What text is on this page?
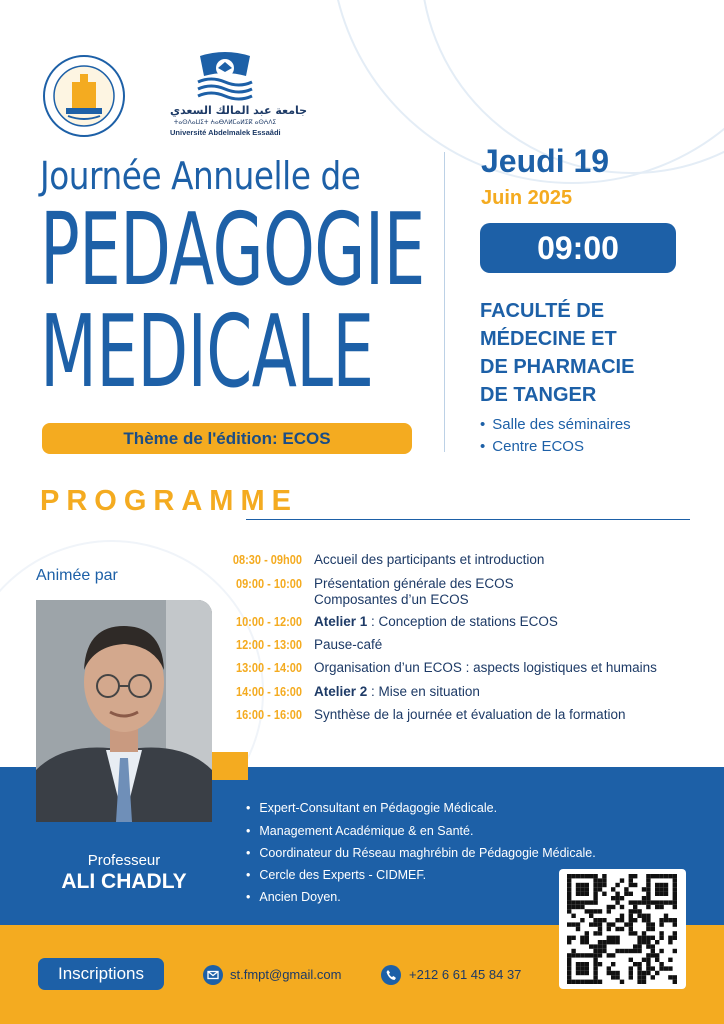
جامعة عبد المالك السعدي
ⵜⴰⵙⴷⴰⵡⵉⵜ ⵄⴰⴱⴷⵍⵎⴰⵍⵉⴽ ⴰⵙⵄⴷⵉ
Université Abdelmalek Essaâdi
Journée Annuelle de
PEDAGOGIE
MEDICALE
Thème de l'édition: ECOS
Jeudi 19
Juin 2025
09:00
FACULTÉ DE
MÉDECINE ET
DE PHARMACIE
DE TANGER
• Salle des séminaires
• Centre ECOS
PROGRAMME
Animée par
08:30 - 09h00 Accueil des participants et introduction
09:00 - 10:00 Présentation générale des ECOS
Composantes d’un ECOS
10:00 - 12:00 Atelier 1 : Conception de stations ECOS
12:00 - 13:00 Pause-café
13:00 - 14:00 Organisation d’un ECOS : aspects logistiques et humains
14:00 - 16:00 Atelier 2 : Mise en situation
16:00 - 16:00 Synthèse de la journée et évaluation de la formation
Professeur
ALI CHADLY
• Expert-Consultant en Pédagogie Médicale.
• Management Académique & en Santé.
• Coordinateur du Réseau maghrébin de Pédagogie Médicale.
• Cercle des Experts - CIDMEF.
• Ancien Doyen.
Inscriptions	st.fmpt@gmail.com	+212 6 61 45 84 37
